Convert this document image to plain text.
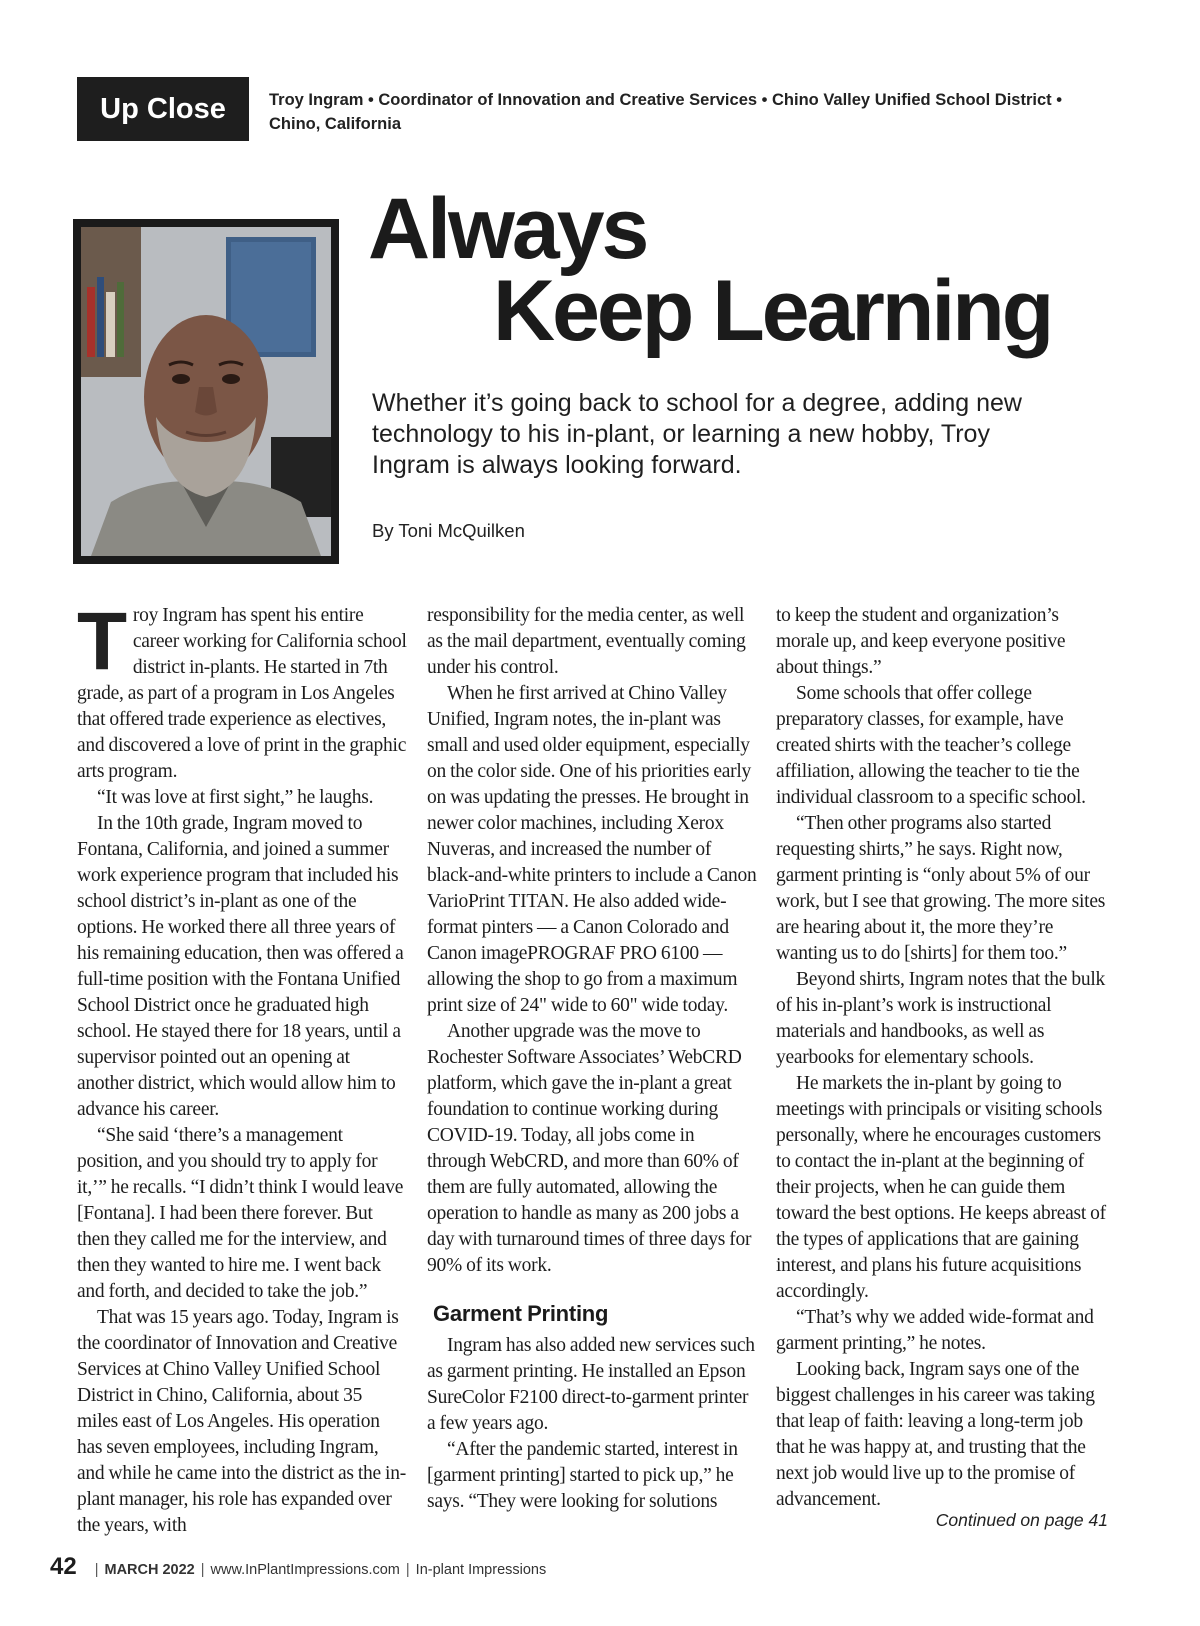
Up Close	Troy Ingram • Coordinator of Innovation and Creative Services • Chino Valley Unified School District •
Chino, California
Always
Keep Learning
Whether it’s going back to school for a degree, adding new
technology to his in-plant, or learning a new hobby, Troy
Ingram is always looking forward.
By Toni McQuilken

Troy Ingram has spent his entire career working for California school district in-plants. He started in 7th grade, as part of a program in Los Angeles that offered trade experience as electives, and discovered a love of print in the graphic arts program.

“It was love at first sight,” he laughs.

In the 10th grade, Ingram moved to Fontana, California, and joined a summer work experience program that included his school district’s in-plant as one of the options. He worked there all three years of his remaining education, then was offered a full-time position with the Fontana Unified School District once he graduated high school. He stayed there for 18 years, until a supervisor pointed out an opening at another district, which would allow him to advance his career.

“She said ‘there’s a management position, and you should try to apply for it,’” he recalls. “I didn’t think I would leave [Fontana]. I had been there forever. But then they called me for the interview, and then they wanted to hire me. I went back and forth, and decided to take the job.”

That was 15 years ago. Today, Ingram is the coordinator of Innovation and Creative Services at Chino Valley Unified School District in Chino, California, about 35 miles east of Los Angeles. His operation has seven employees, including Ingram, and while he came into the district as the in-plant manager, his role has expanded over the years, with

responsibility for the media center, as well as the mail department, eventually coming under his control.

When he first arrived at Chino Valley Unified, Ingram notes, the in-plant was small and used older equipment, especially on the color side. One of his priorities early on was updating the presses. He brought in newer color machines, including Xerox Nuveras, and increased the number of black-and-white printers to include a Canon VarioPrint TITAN. He also added wide-format pinters — a Canon Colorado and Canon imagePROGRAF PRO 6100 — allowing the shop to go from a maximum print size of 24" wide to 60" wide today.

Another upgrade was the move to Rochester Software Associates’ WebCRD platform, which gave the in-plant a great foundation to continue working during COVID-19. Today, all jobs come in through WebCRD, and more than 60% of them are fully automated, allowing the operation to handle as many as 200 jobs a day with turnaround times of three days for 90% of its work.

Garment Printing

Ingram has also added new services such as garment printing. He installed an Epson SureColor F2100 direct-to-garment printer a few years ago.

“After the pandemic started, interest in [garment printing] started to pick up,” he says. “They were looking for solutions

to keep the student and organization’s morale up, and keep everyone positive about things.”

Some schools that offer college preparatory classes, for example, have created shirts with the teacher’s college affiliation, allowing the teacher to tie the individual classroom to a specific school.

“Then other programs also started requesting shirts,” he says. Right now, garment printing is “only about 5% of our work, but I see that growing. The more sites are hearing about it, the more they’re wanting us to do [shirts] for them too.”

Beyond shirts, Ingram notes that the bulk of his in-plant’s work is instructional materials and handbooks, as well as yearbooks for elementary schools.

He markets the in-plant by going to meetings with principals or visiting schools personally, where he encourages customers to contact the in-plant at the beginning of their projects, when he can guide them toward the best options. He keeps abreast of the types of applications that are gaining interest, and plans his future acquisitions accordingly.

“That’s why we added wide-format and garment printing,” he notes.

Looking back, Ingram says one of the biggest challenges in his career was taking that leap of faith: leaving a long-term job that he was happy at, and trusting that the next job would live up to the promise of advancement.

Continued on page 41
42 | MARCH 2022 | www.InPlantImpressions.com | In-plant Impressions
